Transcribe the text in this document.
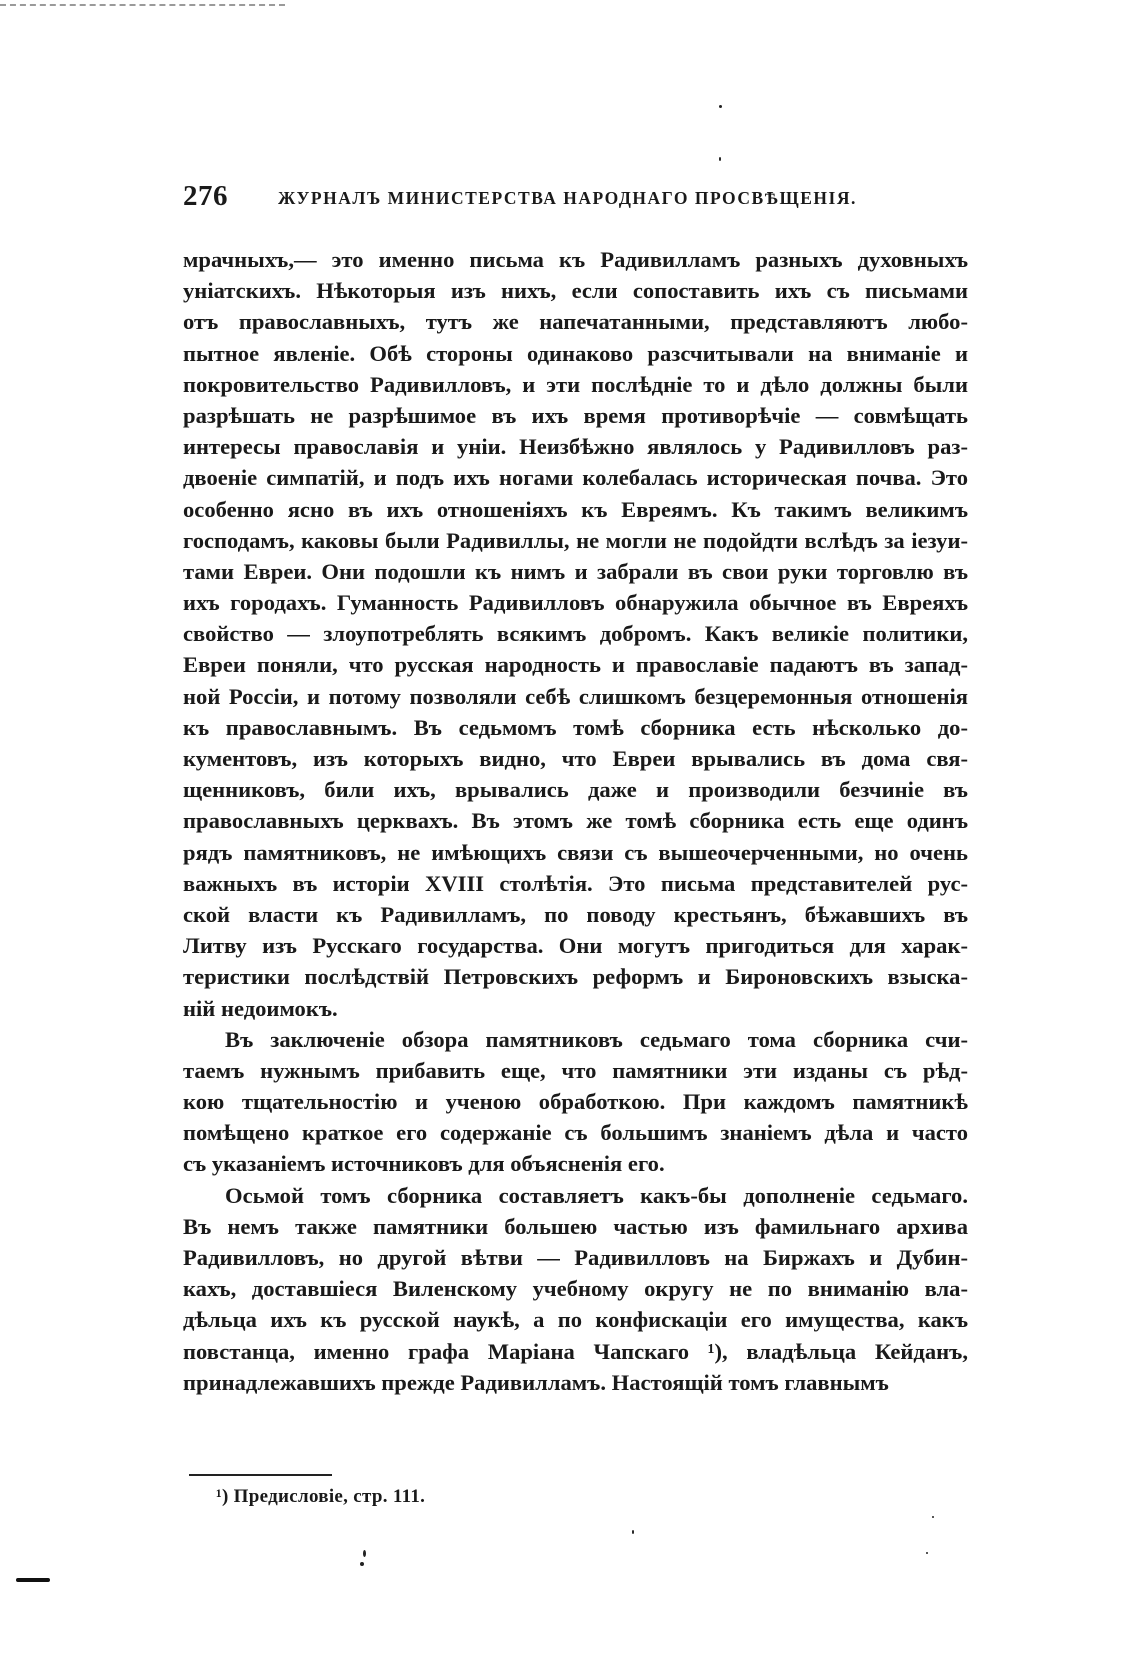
276	ЖУРНАЛЪ МИНИСТЕРСТВА НАРОДНАГО ПРОСВѢЩЕНІЯ.
мрачныхъ,— это именно письма къ Радивилламъ разныхъ духовныхъ
уніатскихъ. Нѣкоторыя изъ нихъ, если сопоставить ихъ съ письмами
отъ православныхъ, тутъ же напечатанными, представляютъ любо-
пытное явленіе. Обѣ стороны одинаково разсчитывали на вниманіе и
покровительство Радивилловъ, и эти послѣдніе то и дѣло должны были
разрѣшать не разрѣшимое въ ихъ время противорѣчіе — совмѣщать
интересы православія и уніи. Неизбѣжно являлось у Радивилловъ раз-
двоеніе симпатій, и подъ ихъ ногами колебалась историческая почва. Это
особенно ясно въ ихъ отношеніяхъ къ Евреямъ. Къ такимъ великимъ
господамъ, каковы были Радивиллы, не могли не подойдти вслѣдъ за іезуи-
тами Евреи. Они подошли къ нимъ и забрали въ свои руки торговлю въ
ихъ городахъ. Гуманность Радивилловъ обнаружила обычное въ Евреяхъ
свойство — злоупотреблять всякимъ добромъ. Какъ великіе политики,
Евреи поняли, что русская народность и православіе падаютъ въ запад-
ной Россіи, и потому позволяли себѣ слишкомъ безцеремонныя отношенія
къ православнымъ. Въ седьмомъ томѣ сборника есть нѣсколько до-
кументовъ, изъ которыхъ видно, что Евреи врывались въ дома свя-
щенниковъ, били ихъ, врывались даже и производили безчиніе въ
православныхъ церквахъ. Въ этомъ же томѣ сборника есть еще одинъ
рядъ памятниковъ, не имѣющихъ связи съ вышеочерченными, но очень
важныхъ въ исторіи XVIII столѣтія. Это письма представителей рус-
ской власти къ Радивилламъ, по поводу крестьянъ, бѣжавшихъ въ
Литву изъ Русскаго государства. Они могутъ пригодиться для харак-
теристики послѣдствій Петровскихъ реформъ и Бироновскихъ взыска-
ній недоимокъ.
Въ заключеніе обзора памятниковъ седьмаго тома сборника счи-
таемъ нужнымъ прибавить еще, что памятники эти изданы съ рѣд-
кою тщательностію и ученою обработкою. При каждомъ памятникѣ
помѣщено краткое его содержаніе съ большимъ знаніемъ дѣла и часто
съ указаніемъ источниковъ для объясненія его.
Осьмой томъ сборника составляетъ какъ-бы дополненіе седьмаго.
Въ немъ также памятники большею частью изъ фамильнаго архива
Радивилловъ, но другой вѣтви — Радивилловъ на Биржахъ и Дубин-
кахъ, доставшіеся Виленскому учебному округу не по вниманію вла-
дѣльца ихъ къ русской наукѣ, а по конфискаціи его имущества, какъ
повстанца, именно графа Маріана Чапскаго ¹), владѣльца Кейданъ,
принадлежавшихъ прежде Радивилламъ. Настоящій томъ главнымъ
¹) Предисловіе, стр. 111.
